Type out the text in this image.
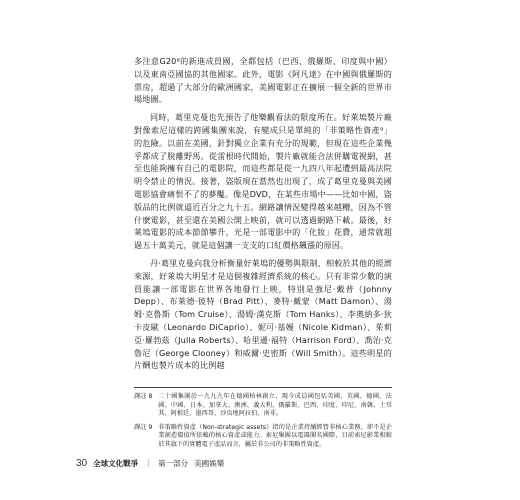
多注意G20⁸的新進成員國，全都包括（巴西、俄羅斯、印度與中國）以及東南亞國協的其他國家。此外，電影《阿凡達》在中國與俄羅斯的票房，超過了大部分的歐洲國家，美國電影正在擴展一個全新的世界市場地圖。

同時，葛里克曼也先預告了他樂觀看法的限度所在。好萊塢製片廠對像索尼這樣的跨國集團來說，有變成只是單純的「非策略性資產⁹」的危險。以前在美國，針對獨立企業有充分的規範，但現在這些企業幾乎都成了脫離野馬。從雷根時代開始，製片廠就能合法併購電視網，甚至也能夠擁有自己的電影院，而這些都是從一九四八年起遭到最高法院明令禁止的情況。接著，盜版現在當然也出現了，成了葛里克曼與美國電影協會痛恨不了的夢魘。像是DVD，在某些市場中——比如中國，盜版品的比例就逼近百分之九十五。網路讓情況變得越來越糟，因為不管什麼電影，甚至還在美國公開上映前，就可以透過網路下載。最後，好萊塢電影的成本節節攀升，光是一部電影中的「化妝」花費，通常就超過五十萬美元，就是這個讓一支支的口紅價格飆漲的原因。

丹‧葛里克曼向我分析衡量好萊塢的優勢與限制，相較於其他的經濟來源，好萊塢大明星才是這個複雜經濟系統的核心。只有非常少數的演員能讓一部電影在世界各地發行上映，特別是強尼‧戴普（Johnny Depp）、布萊德‧彼特（Brad Pitt）、麥特‧戴蒙（Matt Damon）、湯姆‧克魯斯（Tom Cruise）、湯姆‧漢克斯（Tom Hanks）、李奧納多‧狄卡皮歐（Leonardo DiCaprio）、妮可‧基嫚（Nicole Kidman）、茱莉亞‧羅勃茲（Julia Roberts）、哈里遜‧福特（Harrison Ford）、喬治‧克魯尼（George Clooney）和威爾‧史密斯（Will Smith）。這些明星的片酬也製片成本的比例越

譯註 8 二十國集團於一九九九年在德國柏林創立，現今成員國包括美國、英國、德國、法國、中國、日本、加拿大、澳洲、義大利、俄羅斯、巴西、印度、印尼、南韓、土耳其、阿根廷、墨西哥、沙烏地阿拉伯、南非。
譯註 9 非策略性資產（Non-strategic assets）指的是企業持續經營非核心業務，卻不是企業創造價值所依賴的核心資產或能力。索尼集團以電器聞名國際，目前索尼影業相較於其旗下的實體電子產品而言，屬於非公司的非策略性資產。
30 全球文化戰爭 ｜ 第一部分 美國娛樂
